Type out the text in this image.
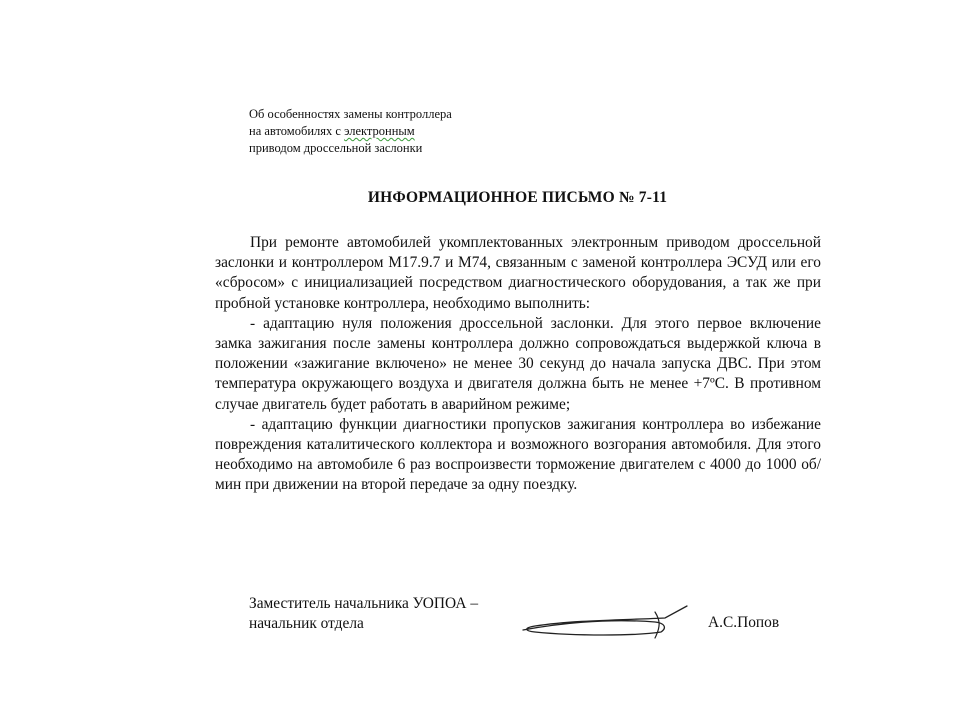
Об особенностях замены контроллера
на автомобилях с электронным
приводом дроссельной заслонки
ИНФОРМАЦИОННОЕ ПИСЬМО № 7-11

При ремонте автомобилей укомплектованных электронным приводом дроссельной заслонки и контроллером М17.9.7 и М74, связанным с заменой контроллера ЭСУД или его «сбросом» с инициализацией посредством диагностического оборудования, а так же при пробной установке контроллера, необходимо выполнить:

- адаптацию нуля положения дроссельной заслонки. Для этого первое включение замка зажигания после замены контроллера должно сопровождаться выдержкой ключа в положении «зажигание включено» не менее 30 секунд до начала запуска ДВС. При этом температура окружающего воздуха и двигателя должна быть не менее +7ºС. В противном случае двигатель будет работать в аварийном режиме;

- адаптацию функции диагностики пропусков зажигания контроллера во избежание повреждения каталитического коллектора и возможного возгорания автомобиля. Для этого необходимо на автомобиле 6 раз воспроизвести торможение двигателем с 4000 до 1000 об/мин при движении на второй передаче за одну поездку.

Заместитель начальника УОПОА –
начальник отдела	А.С.Попов
